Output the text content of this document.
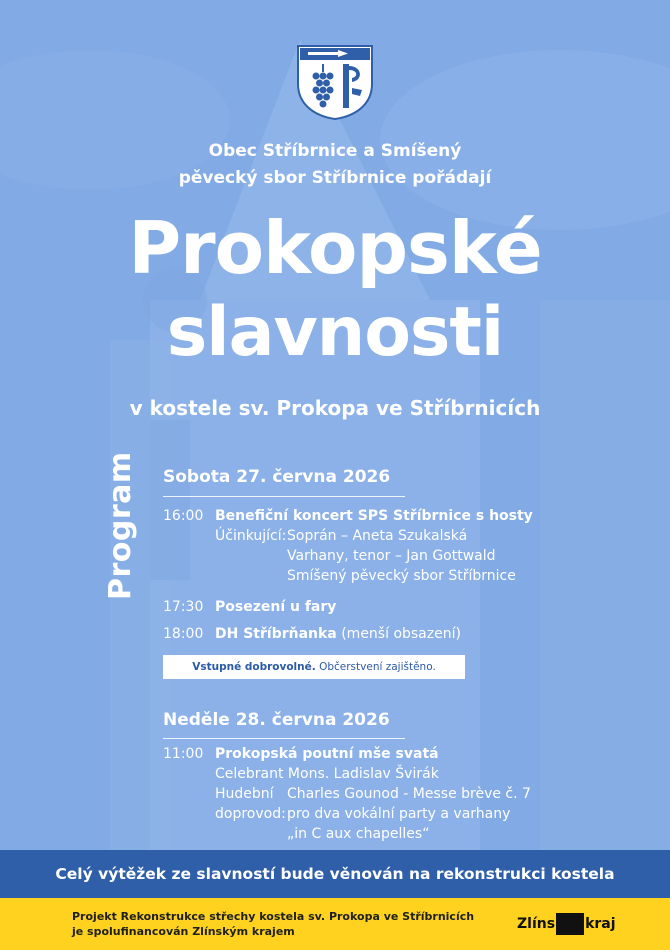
Obec Stříbrnice a Smíšený
pěvecký sbor Stříbrnice pořádají
Prokopské
slavnosti
v kostele sv. Prokopa ve Stříbrnicích
Program Sobota 27. června 2026
16:00 Benefiční koncert SPS Stříbrnice s hosty
Účinkující: Soprán – Aneta Szukalská
Varhany, tenor – Jan Gottwald
Smíšený pěvecký sbor Stříbrnice
17:30 Posezení u fary
18:00 DH Stříbrňanka (menší obsazení)
Vstupné dobrovolné. Občerstvení zajištěno.
Neděle 28. června 2026
11:00 Prokopská poutní mše svatá
Celebrant Mons. Ladislav Švirák
Hudební
doprovod:
Charles Gounod - Messe brève č. 7
pro dva vokální party a varhany
„in C aux chapelles“
Celý výtěžek ze slavností bude věnován na rekonstrukci kostela
Projekt Rekonstrukce střechy kostela sv. Prokopa ve Stříbrnicích
je spolufinancován Zlínským krajem	Zlíns kraj
